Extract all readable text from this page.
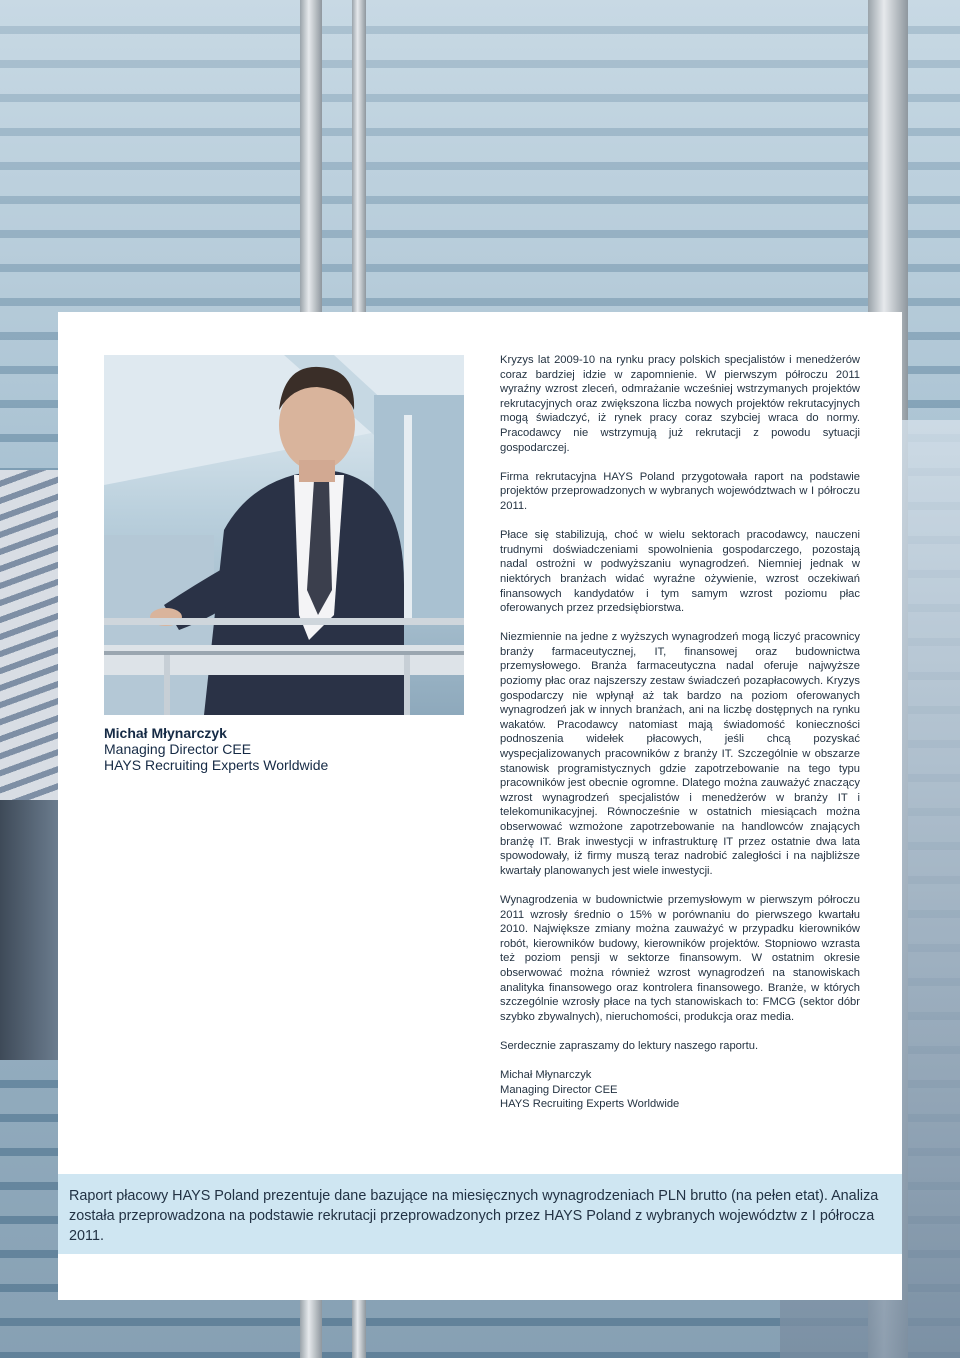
Michał Młynarczyk
Managing Director CEE
HAYS Recruiting Experts Worldwide

Kryzys lat 2009-10 na rynku pracy polskich specjalistów i menedżerów coraz bardziej idzie w zapomnienie. W pierwszym półroczu 2011 wyraźny wzrost zleceń, odmrażanie wcześniej wstrzymanych projektów rekrutacyjnych oraz zwiększona liczba nowych projektów rekrutacyjnych mogą świadczyć, iż rynek pracy coraz szybciej wraca do normy. Pracodawcy nie wstrzymują już rekrutacji z powodu sytuacji gospodarczej.

Firma rekrutacyjna HAYS Poland przygotowała raport na podstawie projektów przeprowadzonych w wybranych województwach w I półroczu 2011.

Płace się stabilizują, choć w wielu sektorach pracodawcy, nauczeni trudnymi doświadczeniami spowolnienia gospodarczego, pozostają nadal ostrożni w podwyższaniu wynagrodzeń. Niemniej jednak w niektórych branżach widać wyraźne ożywienie, wzrost oczekiwań finansowych kandydatów i tym samym wzrost poziomu płac oferowanych przez przedsiębiorstwa.

Niezmiennie na jedne z wyższych wynagrodzeń mogą liczyć pracownicy branży farmaceutycznej, IT, finansowej oraz budownictwa przemysłowego. Branża farmaceutyczna nadal oferuje najwyższe poziomy płac oraz najszerszy zestaw świadczeń pozapłacowych. Kryzys gospodarczy nie wpłynął aż tak bardzo na poziom oferowanych wynagrodzeń jak w innych branżach, ani na liczbę dostępnych na rynku wakatów. Pracodawcy natomiast mają świadomość konieczności podnoszenia widełek płacowych, jeśli chcą pozyskać wyspecjalizowanych pracowników z branży IT. Szczególnie w obszarze stanowisk programistycznych gdzie zapotrzebowanie na tego typu pracowników jest obecnie ogromne. Dlatego można zauważyć znaczący wzrost wynagrodzeń specjalistów i menedżerów w branży IT i telekomunikacyjnej. Równocześnie w ostatnich miesiącach można obserwować wzmożone zapotrzebowanie na handlowców znających branżę IT. Brak inwestycji w infrastrukturę IT przez ostatnie dwa lata spowodowały, iż firmy muszą teraz nadrobić zaległości i na najbliższe kwartały planowanych jest wiele inwestycji.

Wynagrodzenia w budownictwie przemysłowym w pierwszym półroczu 2011 wzrosły średnio o 15% w porównaniu do pierwszego kwartału 2010. Największe zmiany można zauważyć w przypadku kierowników robót, kierowników budowy, kierowników projektów. Stopniowo wzrasta też poziom pensji w sektorze finansowym. W ostatnim okresie obserwować można również wzrost wynagrodzeń na stanowiskach analityka finansowego oraz kontrolera finansowego. Branże, w których szczególnie wzrosły płace na tych stanowiskach to: FMCG (sektor dóbr szybko zbywalnych), nieruchomości, produkcja oraz media.

Serdecznie zapraszamy do lektury naszego raportu.

Michał Młynarczyk
Managing Director CEE
HAYS Recruiting Experts Worldwide

Raport płacowy HAYS Poland prezentuje dane bazujące na miesięcznych wynagrodzeniach PLN brutto (na pełen etat). Analiza została przeprowadzona na podstawie rekrutacji przeprowadzonych przez HAYS Poland z wybranych województw z I półrocza 2011.
